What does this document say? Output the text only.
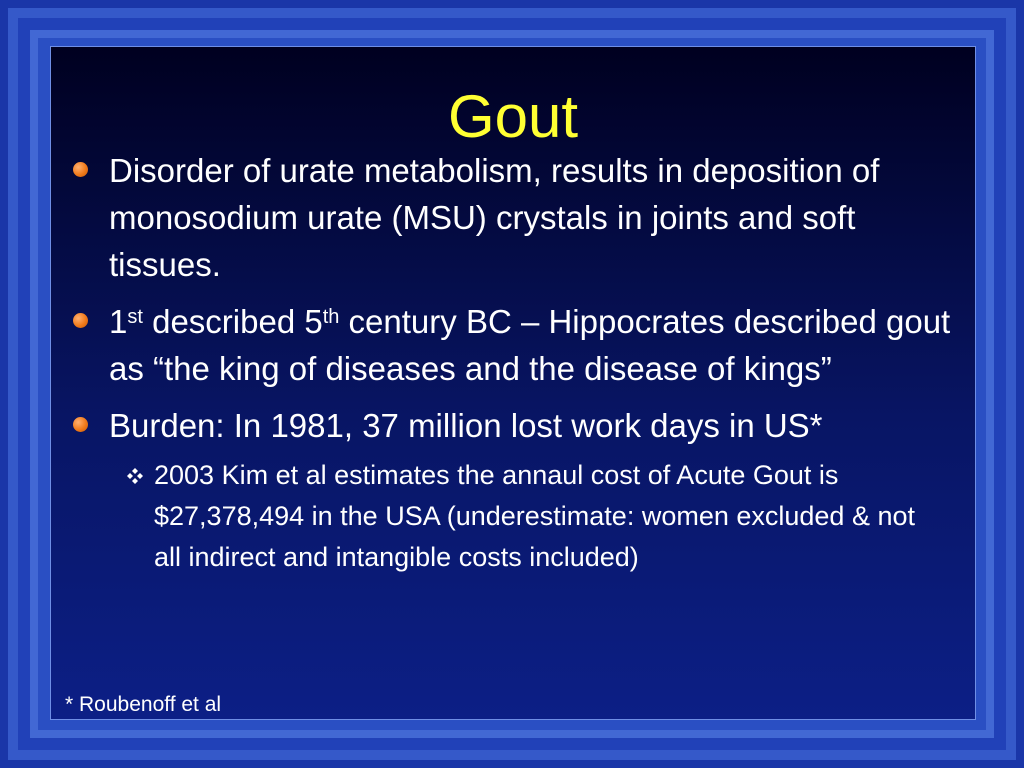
Gout
Disorder of urate metabolism, results in deposition of monosodium urate (MSU) crystals in joints and soft tissues.
1st described 5th century BC – Hippocrates described gout as “the king of diseases and the disease of kings”
Burden: In 1981, 37 million lost work days in US*
2003 Kim et al estimates the annaul cost of Acute Gout is $27,378,494 in the USA (underestimate: women excluded & not all indirect and intangible costs included)
* Roubenoff et al
